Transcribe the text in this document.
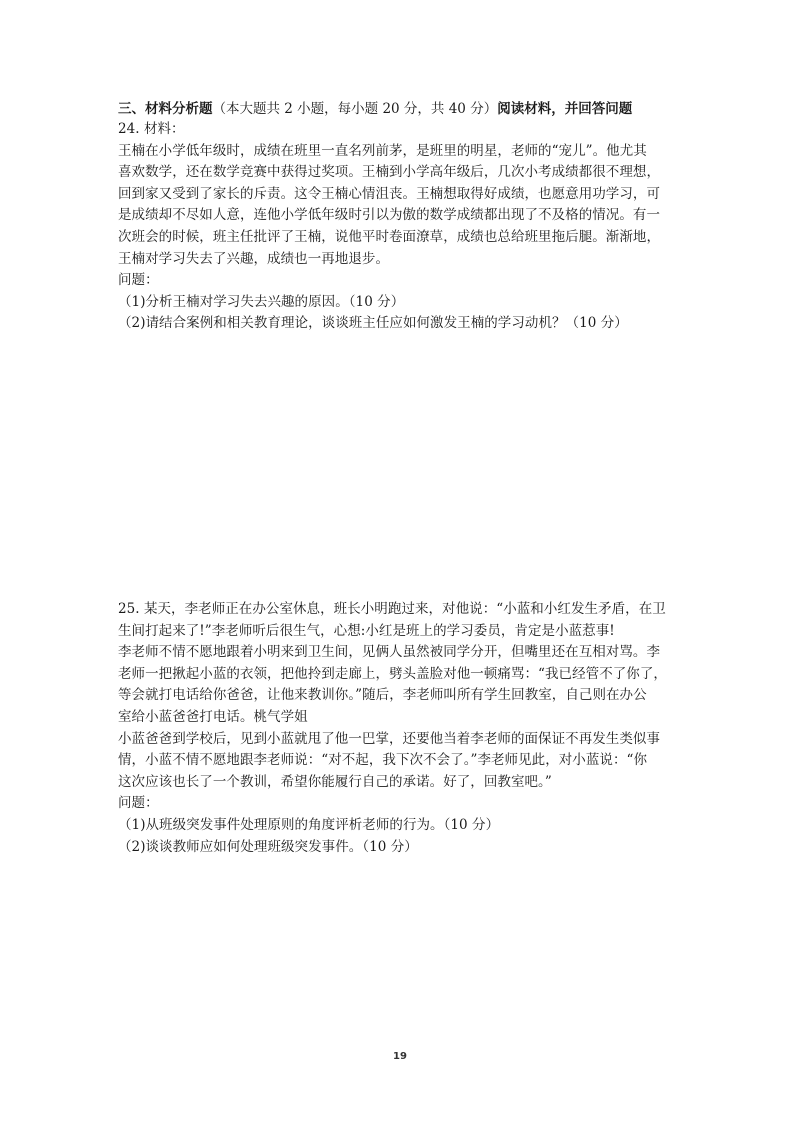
三、材料分析题（本大题共 2 小题，每小题 20 分，共 40 分）阅读材料，并回答问题
24. 材料：
王楠在小学低年级时，成绩在班里一直名列前茅，是班里的明星，老师的“宠儿”。他尤其
喜欢数学，还在数学竞赛中获得过奖项。王楠到小学高年级后，几次小考成绩都很不理想，
回到家又受到了家长的斥责。这令王楠心情沮丧。王楠想取得好成绩，也愿意用功学习，可
是成绩却不尽如人意，连他小学低年级时引以为傲的数学成绩都出现了不及格的情况。有一
次班会的时候，班主任批评了王楠，说他平时卷面潦草，成绩也总给班里拖后腿。渐渐地，
王楠对学习失去了兴趣，成绩也一再地退步。
问题：
（1)分析王楠对学习失去兴趣的原因。（10 分）
（2)请结合案例和相关教育理论，谈谈班主任应如何激发王楠的学习动机？（10 分）
25. 某天，李老师正在办公室休息，班长小明跑过来，对他说：“小蓝和小红发生矛盾，在卫
生间打起来了!”李老师听后很生气，心想:小红是班上的学习委员，肯定是小蓝惹事!
李老师不情不愿地跟着小明来到卫生间，见俩人虽然被同学分开，但嘴里还在互相对骂。李
老师一把揪起小蓝的衣领，把他拎到走廊上，劈头盖脸对他一顿痛骂：“我已经管不了你了，
等会就打电话给你爸爸，让他来教训你。”随后，李老师叫所有学生回教室，自己则在办公
室给小蓝爸爸打电话。桃气学姐
小蓝爸爸到学校后，见到小蓝就甩了他一巴掌，还要他当着李老师的面保证不再发生类似事
情，小蓝不情不愿地跟李老师说：“对不起，我下次不会了。”李老师见此，对小蓝说：“你
这次应该也长了一个教训，希望你能履行自己的承诺。好了，回教室吧。”
问题：
（1)从班级突发事件处理原则的角度评析老师的行为。（10 分）
（2)谈谈教师应如何处理班级突发事件。（10 分）
19
